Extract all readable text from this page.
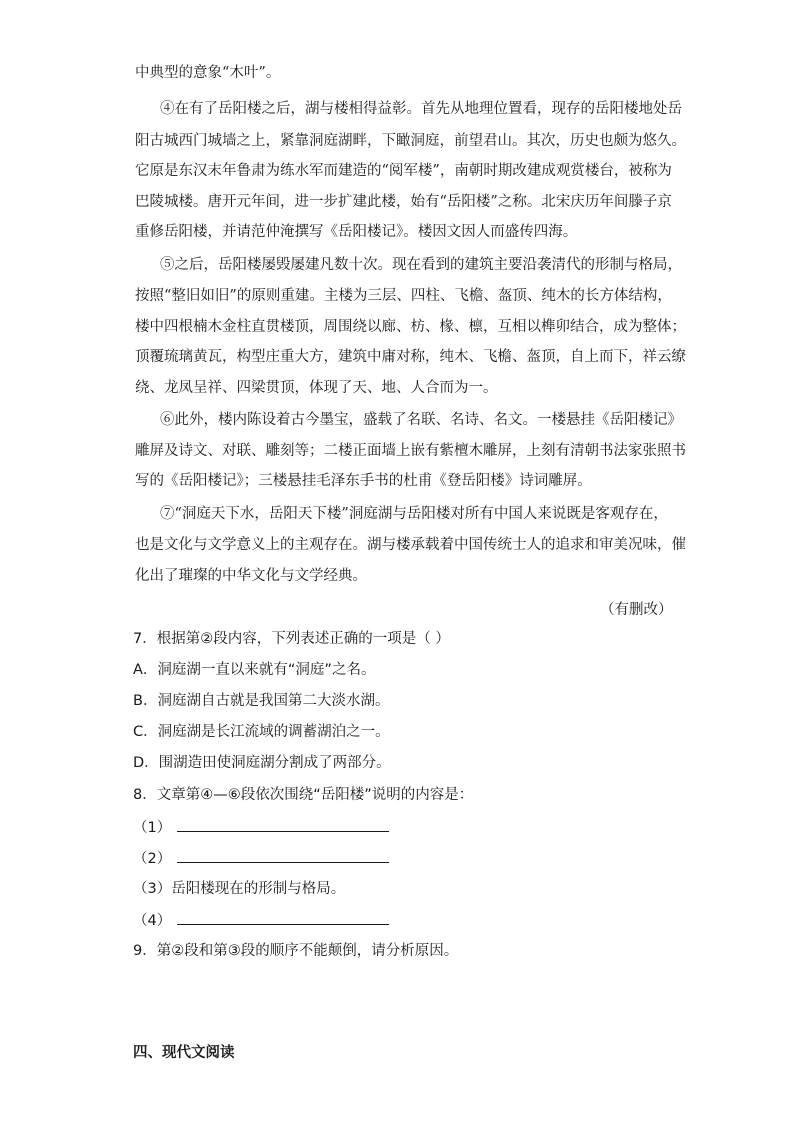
中典型的意象“木叶”。
④在有了岳阳楼之后，湖与楼相得益彰。首先从地理位置看，现存的岳阳楼地处岳
阳古城西门城墙之上，紧靠洞庭湖畔，下瞰洞庭，前望君山。其次，历史也颇为悠久。
它原是东汉末年鲁肃为练水军而建造的“阅军楼”，南朝时期改建成观赏楼台，被称为
巴陵城楼。唐开元年间，进一步扩建此楼，始有“岳阳楼”之称。北宋庆历年间滕子京
重修岳阳楼，并请范仲淹撰写《岳阳楼记》。楼因文因人而盛传四海。
⑤之后，岳阳楼屡毁屡建凡数十次。现在看到的建筑主要沿袭清代的形制与格局，
按照“整旧如旧”的原则重建。主楼为三层、四柱、飞檐、盔顶、纯木的长方体结构，
楼中四根楠木金柱直贯楼顶，周围绕以廊、枋、椽、檩，互相以榫卯结合，成为整体；
顶覆琉璃黄瓦，构型庄重大方，建筑中庸对称，纯木、飞檐、盔顶，自上而下，祥云缭
绕、龙凤呈祥、四梁贯顶，体现了天、地、人合而为一。
⑥此外，楼内陈设着古今墨宝，盛载了名联、名诗、名文。一楼悬挂《岳阳楼记》
雕屏及诗文、对联、雕刻等；二楼正面墙上嵌有紫檀木雕屏，上刻有清朝书法家张照书
写的《岳阳楼记》；三楼悬挂毛泽东手书的杜甫《登岳阳楼》诗词雕屏。
⑦“洞庭天下水，岳阳天下楼”洞庭湖与岳阳楼对所有中国人来说既是客观存在，
也是文化与文学意义上的主观存在。湖与楼承载着中国传统士人的追求和审美况味，催
化出了璀璨的中华文化与文学经典。
（有删改）
7．根据第②段内容，下列表述正确的一项是（ ）
A．洞庭湖一直以来就有“洞庭”之名。
B．洞庭湖自古就是我国第二大淡水湖。
C．洞庭湖是长江流域的调蓄湖泊之一。
D．围湖造田使洞庭湖分割成了两部分。
8．文章第④—⑥段依次围绕“岳阳楼”说明的内容是：
（1）
（2）
（3）岳阳楼现在的形制与格局。
（4）
9．第②段和第③段的顺序不能颠倒，请分析原因。
四、现代文阅读
